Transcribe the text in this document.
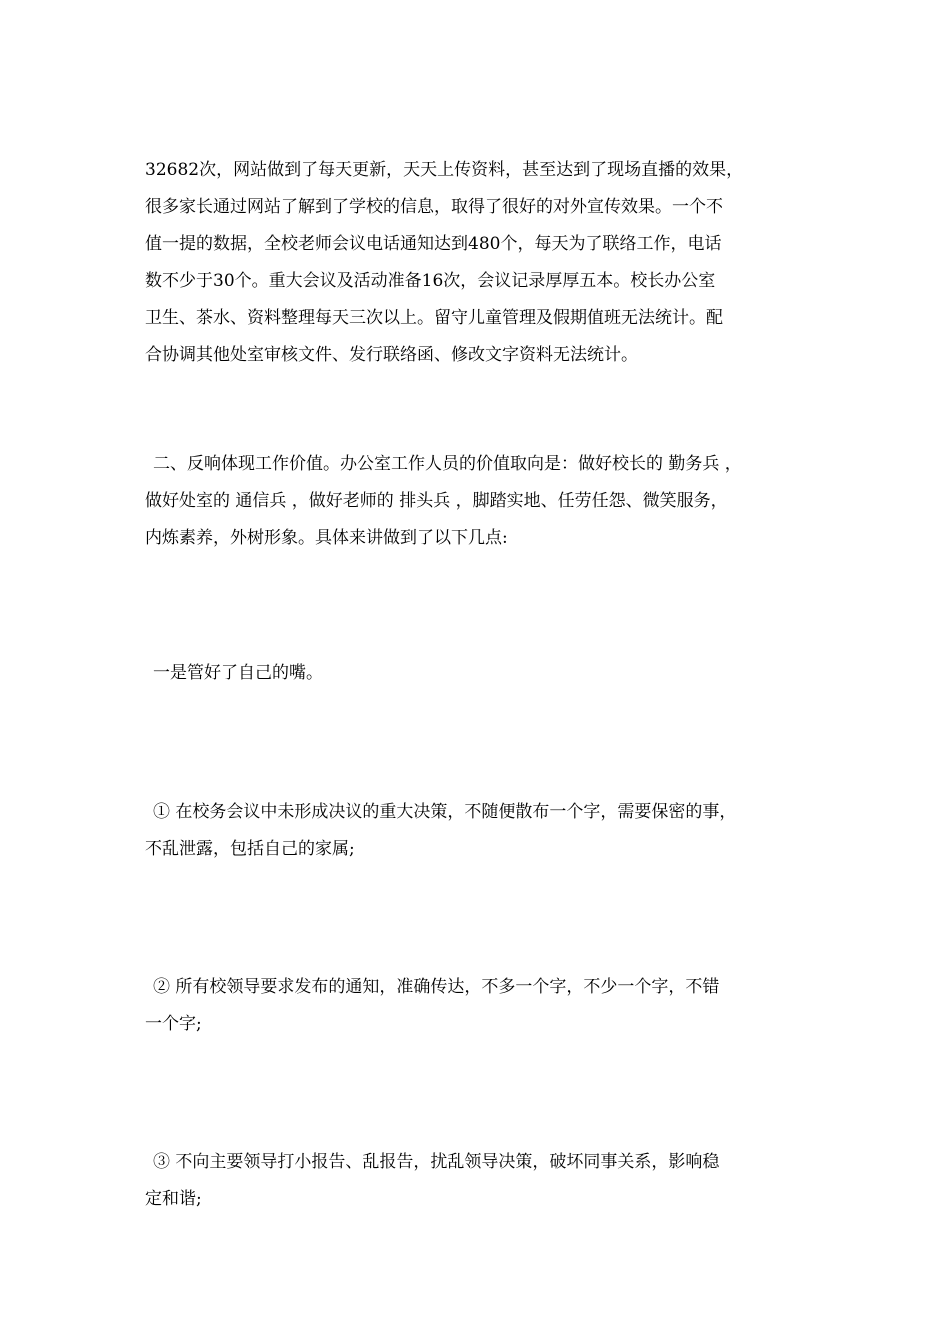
32682次，网站做到了每天更新，天天上传资料，甚至达到了现场直播的效果，
很多家长通过网站了解到了学校的信息，取得了很好的对外宣传效果。一个不
值一提的数据，全校老师会议电话通知达到480个，每天为了联络工作，电话
数不少于30个。重大会议及活动准备16次，会议记录厚厚五本。校长办公室
卫生、茶水、资料整理每天三次以上。留守儿童管理及假期值班无法统计。配
合协调其他处室审核文件、发行联络函、修改文字资料无法统计。
二、反响体现工作价值。办公室工作人员的价值取向是：做好校长的 勤务兵 ，
做好处室的 通信兵 ，做好老师的 排头兵 ，脚踏实地、任劳任怨、微笑服务，
内炼素养，外树形象。具体来讲做到了以下几点:
一是管好了自己的嘴。
① 在校务会议中未形成决议的重大决策，不随便散布一个字，需要保密的事，
不乱泄露，包括自己的家属;
② 所有校领导要求发布的通知，准确传达，不多一个字，不少一个字，不错
一个字;
③ 不向主要领导打小报告、乱报告，扰乱领导决策，破坏同事关系，影响稳
定和谐;
